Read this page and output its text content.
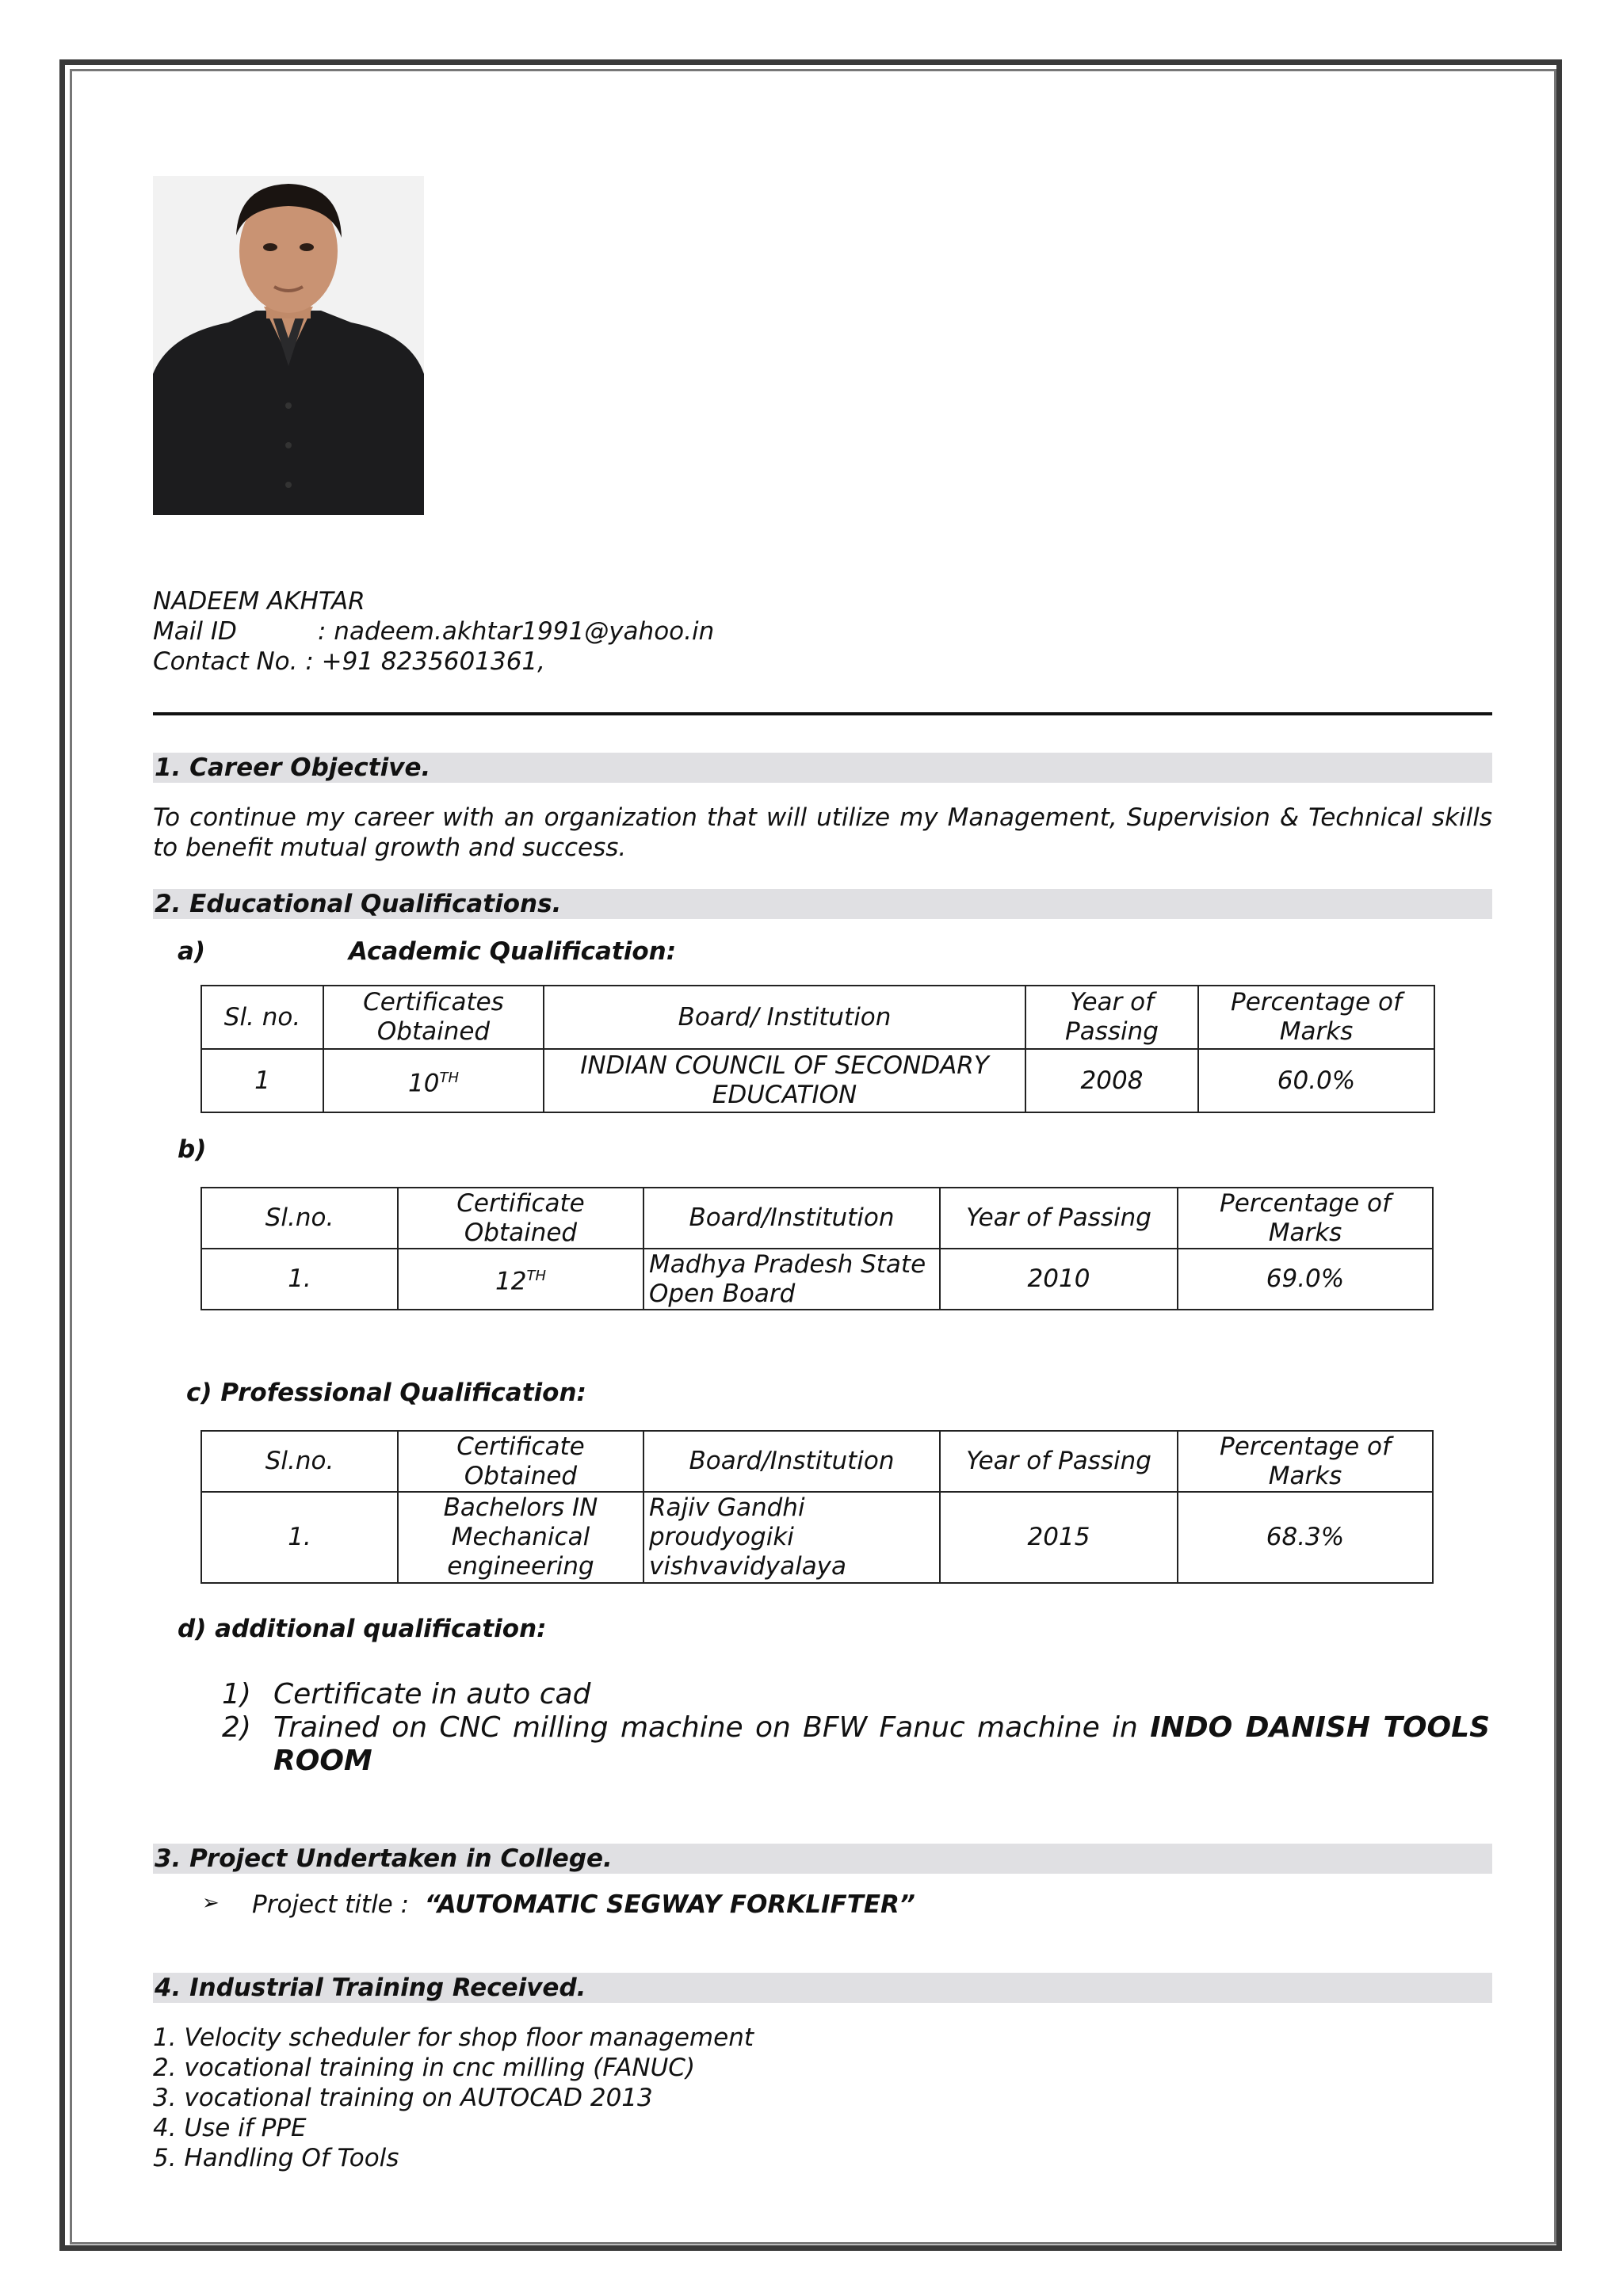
NADEEM AKHTAR
Mail ID	: nadeem.akhtar1991@yahoo.in
Contact No. : +91 8235601361,
1. Career Objective.
To continue my career with an organization that will utilize my Management, Supervision & Technical skills to benefit mutual growth and success.
2. Educational Qualifications.
a)	Academic Qualification:
Sl. no.	Certificates Obtained	Board/ Institution	Year of Passing	Percentage of Marks
1	10TH	INDIAN COUNCIL OF SECONDARY EDUCATION	2008	60.0%
b)
Sl.no.	Certificate Obtained	Board/Institution	Year of Passing	Percentage of Marks
1.	12TH	Madhya Pradesh State Open Board	2010	69.0%
c) Professional Qualification:
Sl.no.	Certificate Obtained	Board/Institution	Year of Passing	Percentage of Marks
1.	Bachelors IN Mechanical engineering	Rajiv Gandhi proudyogiki vishvavidyalaya	2015	68.3%
d) additional qualification:
1) Certificate in auto cad
2) Trained on CNC milling machine on BFW Fanuc machine in INDO DANISH TOOLS ROOM
3. Project Undertaken in College.
➢ Project title : “AUTOMATIC SEGWAY FORKLIFTER”
4. Industrial Training Received.
1. Velocity scheduler for shop floor management
2. vocational training in cnc milling (FANUC)
3. vocational training on AUTOCAD 2013
4. Use if PPE
5. Handling Of Tools
